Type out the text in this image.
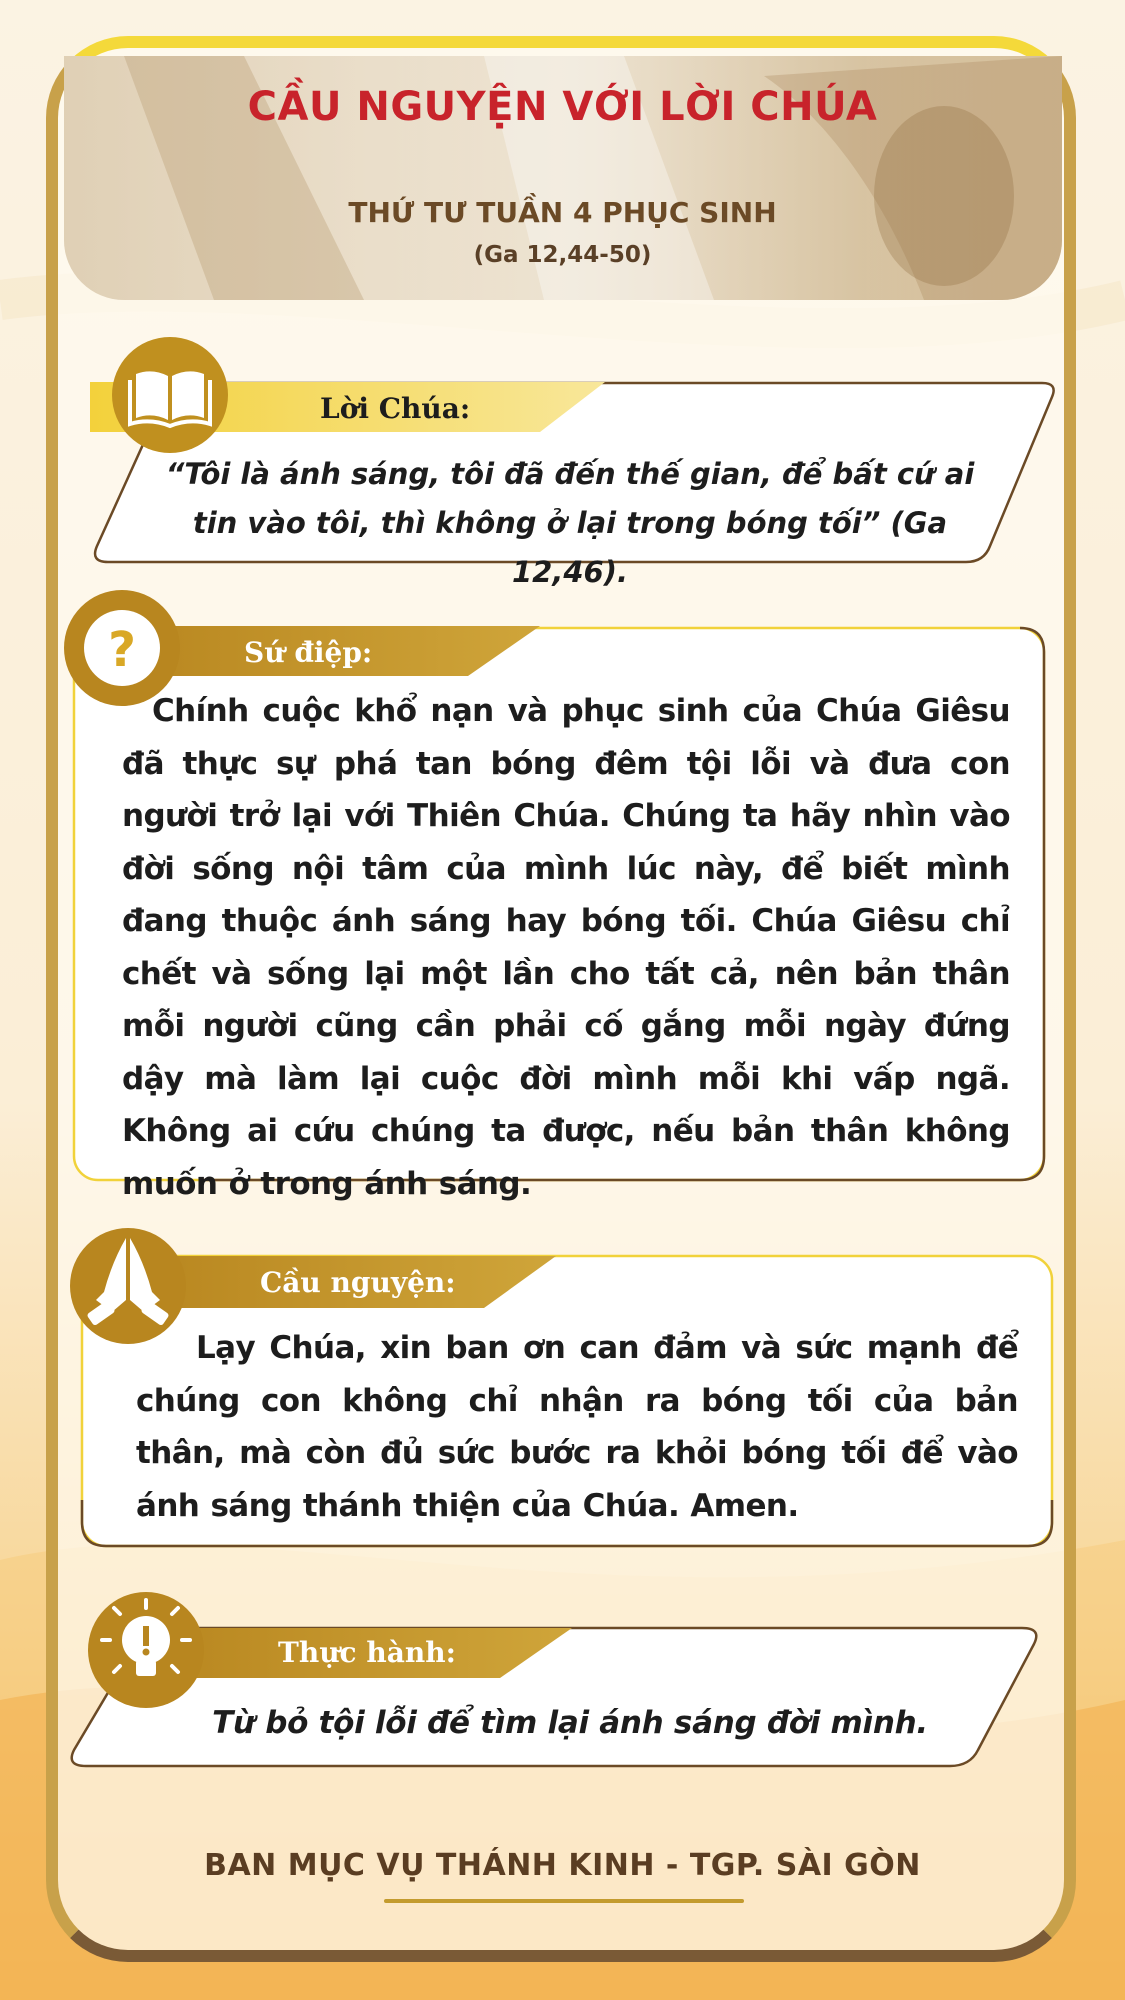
CẦU NGUYỆN VỚI LỜI CHÚA
THỨ TƯ TUẦN 4 PHỤC SINH
(Ga 12,44-50)
?
Lời Chúa:
“Tôi là ánh sáng, tôi đã đến thế gian, để bất cứ ai tin vào tôi, thì không ở lại trong bóng tối” (Ga 12,46).
Sứ điệp:
Chính cuộc khổ nạn và phục sinh của Chúa Giêsu đã thực sự phá tan bóng đêm tội lỗi và đưa con người trở lại với Thiên Chúa. Chúng ta hãy nhìn vào đời sống nội tâm của mình lúc này, để biết mình đang thuộc ánh sáng hay bóng tối. Chúa Giêsu chỉ chết và sống lại một lần cho tất cả, nên bản thân mỗi người cũng cần phải cố gắng mỗi ngày đứng dậy mà làm lại cuộc đời mình mỗi khi vấp ngã. Không ai cứu chúng ta được, nếu bản thân không muốn ở trong ánh sáng.
Cầu nguyện:
Lạy Chúa, xin ban ơn can đảm và sức mạnh để chúng con không chỉ nhận ra bóng tối của bản thân, mà còn đủ sức bước ra khỏi bóng tối để vào ánh sáng thánh thiện của Chúa. Amen.
Thực hành:
Từ bỏ tội lỗi để tìm lại ánh sáng đời mình.
BAN MỤC VỤ THÁNH KINH - TGP. SÀI GÒN
